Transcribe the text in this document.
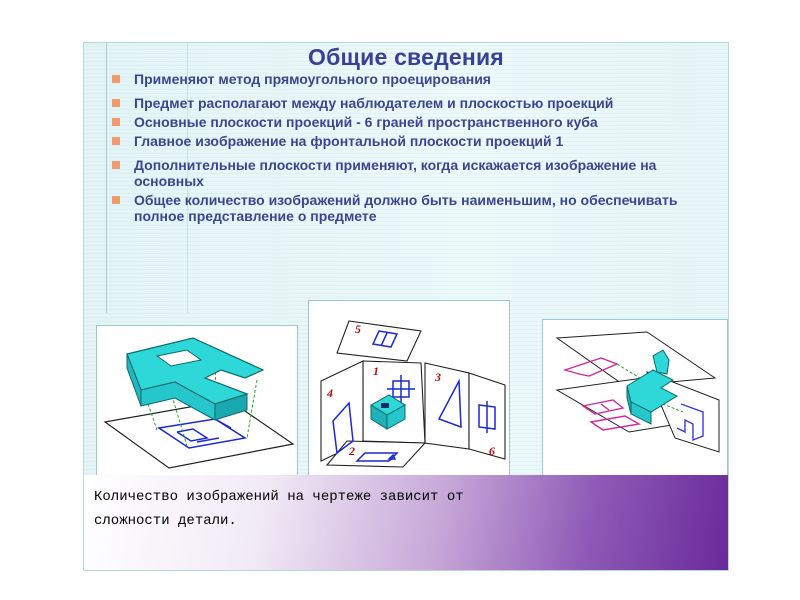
Общие сведения
Применяют метод прямоугольного проецирования
Предмет располагают между наблюдателем и плоскостью проекций
Основные плоскости проекций - 6 граней пространственного куба
Главное изображение на фронтальной плоскости проекций 1
Дополнительные плоскости применяют, когда искажается изображение на основных
Общее количество изображений должно быть наименьшим, но обеспечивать полное представление о предмете
5
1
4
3
2	6
Количество изображений на чертеже зависит от
сложности детали.
